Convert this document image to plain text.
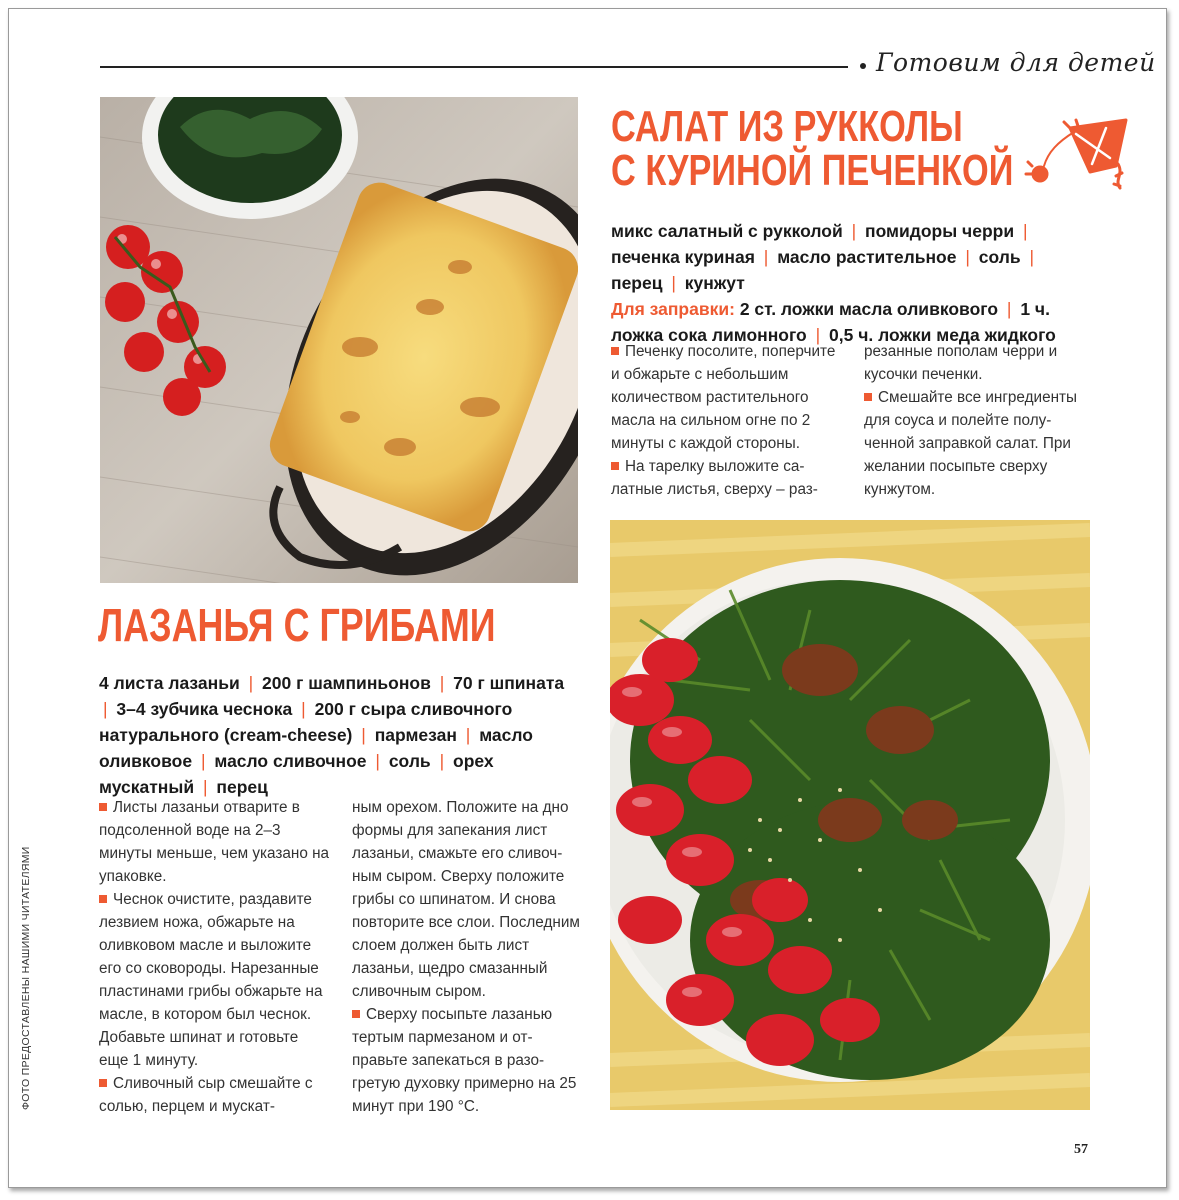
Готовим для детей
ЛАЗАНЬЯ С ГРИБАМИ
4 листа лазаньи | 200 г шампиньонов | 70 г шпината | 3–4 зубчика чеснока | 200 г сыра сливочного натурального (cream-cheese) | пармезан | масло оливковое | масло сливочное | соль | орех мускатный | перец

Листы лазаньи отварите в подсоленной воде на 2–3 минуты меньше, чем указано на упаковке.

Чеснок очистите, раздавите лезвием ножа, обжарьте на оливковом масле и выложите его со сковороды. Нарезанные пластинами грибы обжарьте на масле, в котором был чеснок. Добавьте шпинат и готовьте еще 1 минуту.

Сливочный сыр смешайте с солью, перцем и мускат-

ным орехом. Положите на дно формы для запекания лист лазаньи, смажьте его сливочным сыром. Сверху положите грибы со шпинатом. И снова повторите все слои. Последним слоем должен быть лист лазаньи, щедро смазанный сливочным сыром.

Сверху посыпьте лазанью тертым пармезаном и отправьте запекаться в разогретую духовку примерно на 25 минут при 190 °С.

САЛАТ ИЗ РУККОЛЫ
С КУРИНОЙ ПЕЧЕНКОЙ
микс салатный с рукколой | помидоры черри | печенка куриная | масло растительное | соль | перец | кунжут
Для заправки: 2 ст. ложки масла оливкового | 1 ч. ложка сока лимонного | 0,5 ч. ложки меда жидкого

Печенку посолите, поперчите и обжарьте с небольшим количеством растительного масла на сильном огне по 2 минуты с каждой стороны.

На тарелку выложите салатные листья, сверху – раз-

резанные пополам черри и кусочки печенки.

Смешайте все ингредиенты для соуса и полейте полученной заправкой салат. При желании посыпьте сверху кунжутом.

ФОТО ПРЕДОСТАВЛЕНЫ НАШИМИ ЧИТАТЕЛЯМИ
57
